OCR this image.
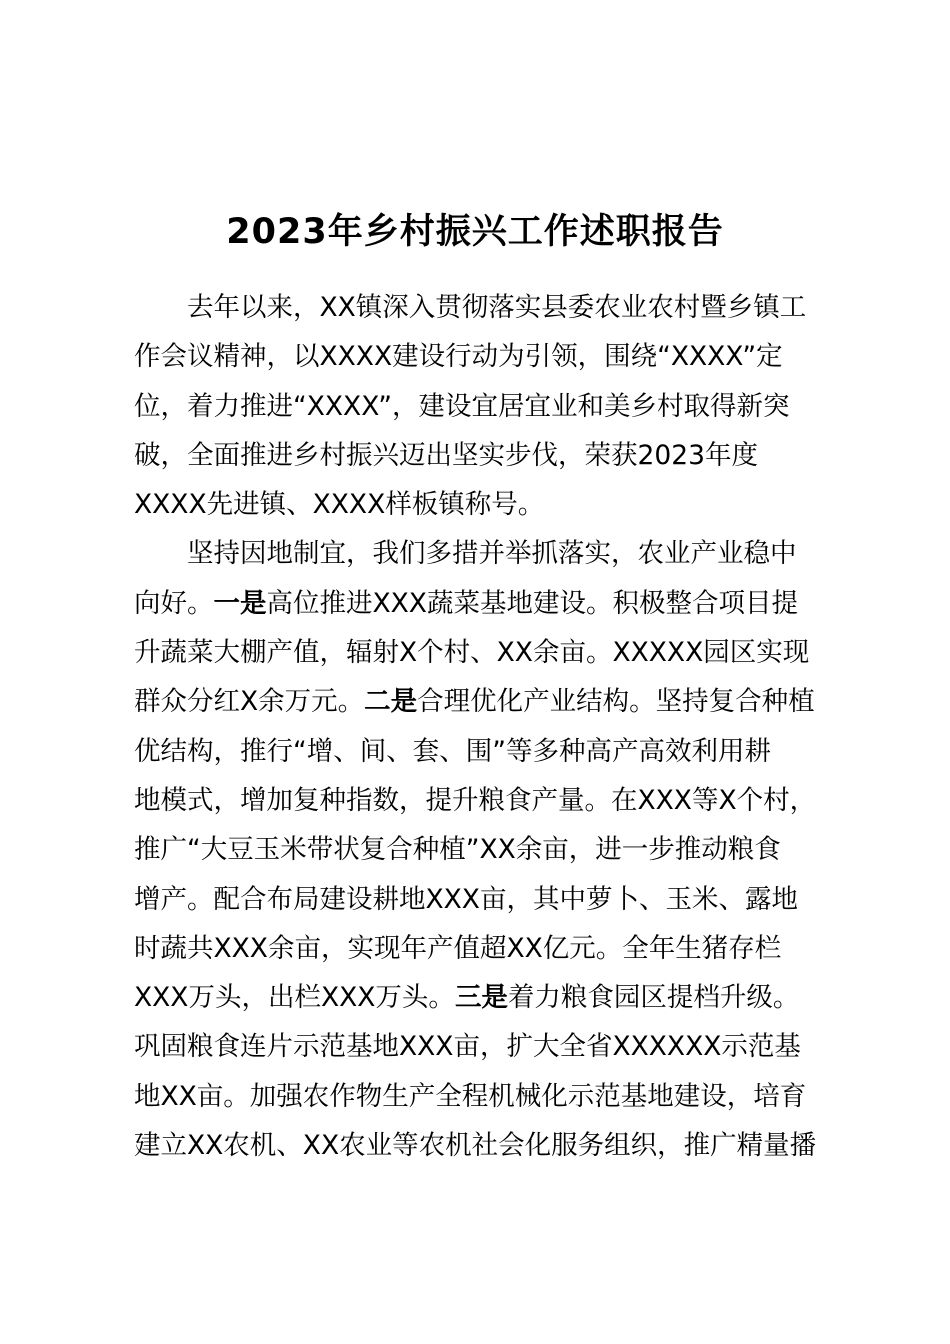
2023年乡村振兴工作述职报告

去年以来，XX镇深入贯彻落实县委农业农村暨乡镇工
作会议精神，以XXXX建设行动为引领，围绕“XXXX”定
位，着力推进“XXXX”，建设宜居宜业和美乡村取得新突
破，全面推进乡村振兴迈出坚实步伐，荣获2023年度
XXXX先进镇、XXXX样板镇称号。

坚持因地制宜，我们多措并举抓落实，农业产业稳中
向好。一是高位推进XXX蔬菜基地建设。积极整合项目提
升蔬菜大棚产值，辐射X个村、XX余亩。XXXXX园区实现
群众分红X余万元。二是合理优化产业结构。坚持复合种植
优结构，推行“增、间、套、围”等多种高产高效利用耕
地模式，增加复种指数，提升粮食产量。在XXX等X个村，
推广“大豆玉米带状复合种植”XX余亩，进一步推动粮食
增产。配合布局建设耕地XXX亩，其中萝卜、玉米、露地
时蔬共XXX余亩，实现年产值超XX亿元。全年生猪存栏
XXX万头，出栏XXX万头。三是着力粮食园区提档升级。
巩固粮食连片示范基地XXX亩，扩大全省XXXXXX示范基
地XX亩。加强农作物生产全程机械化示范基地建设，培育
建立XX农机、XX农业等农机社会化服务组织，推广精量播
